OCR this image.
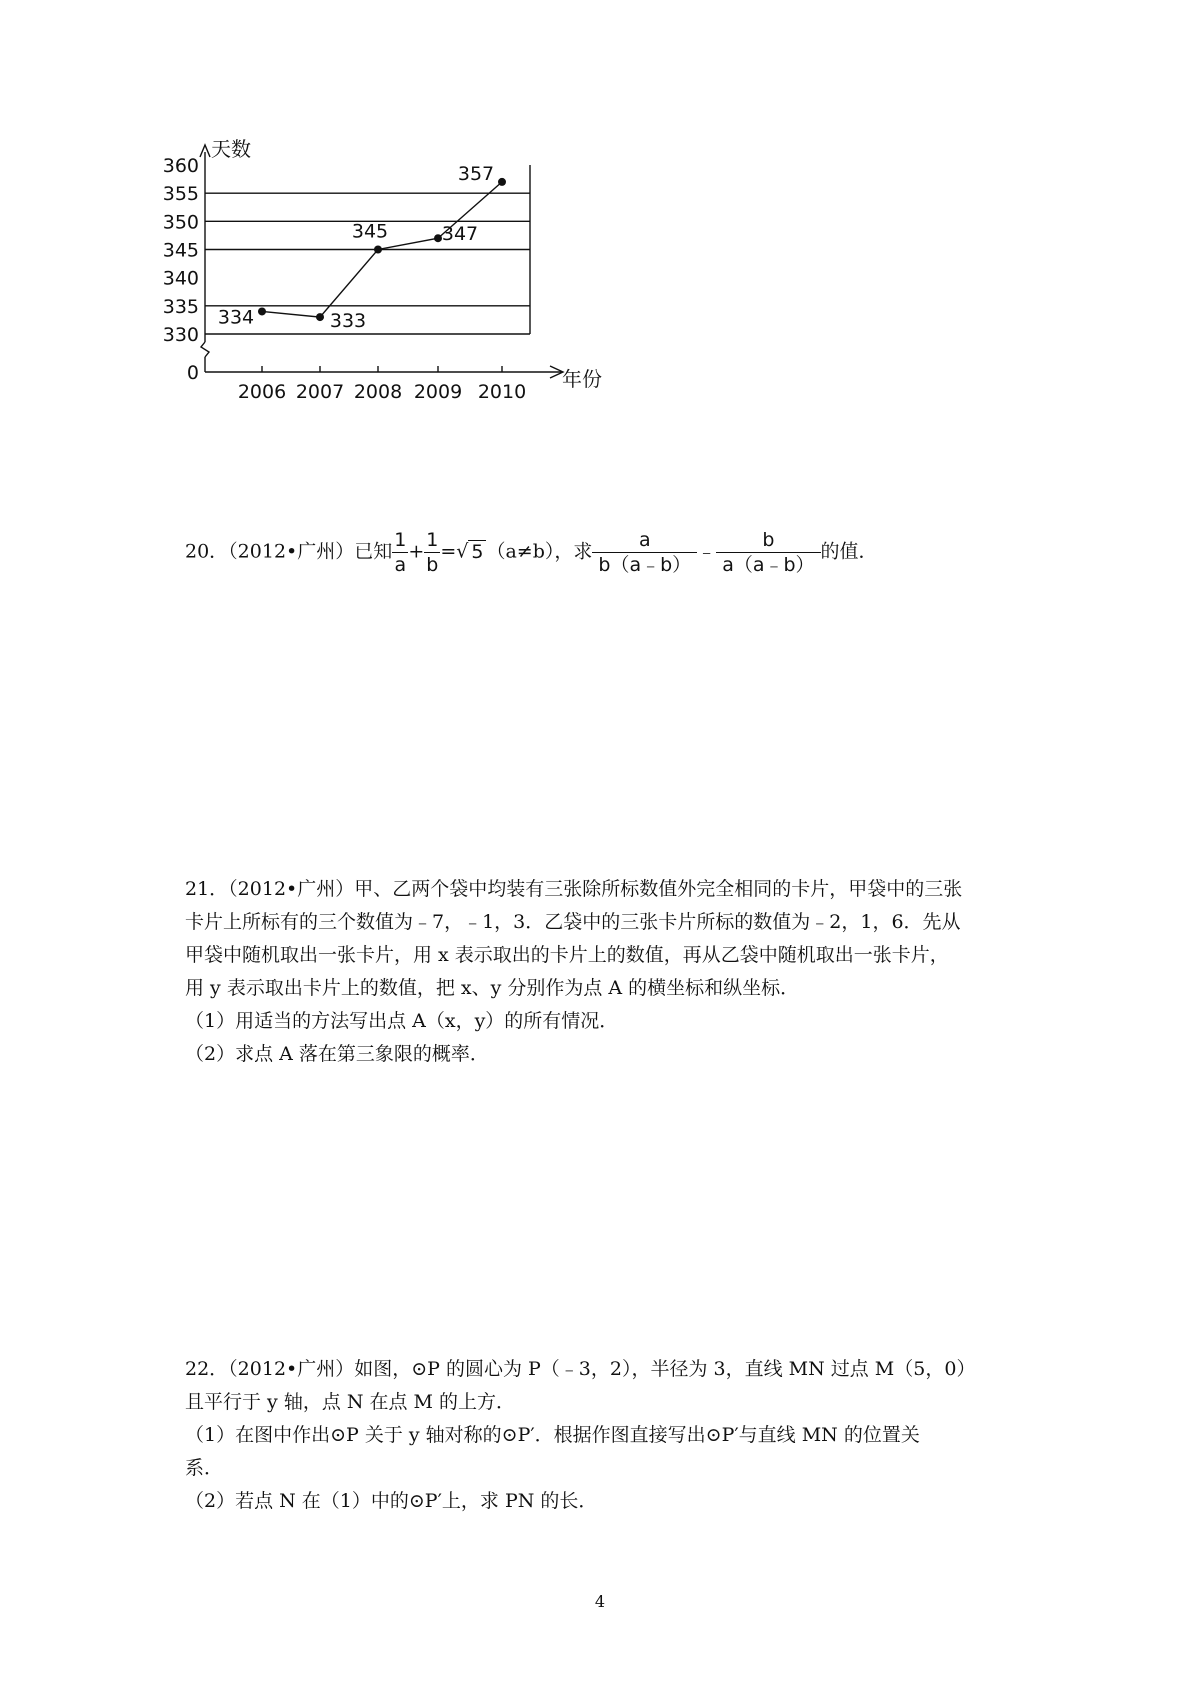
360
355
350
345
340
335
330
0
2006 2007 2008 2009 2010
天数
年份
334	333
345	347
357
20．（2012•广州）已知 $\frac{1}{a} + \frac{1}{b}$ =√ 5 （a≠b），求 $\frac{a}{b(a﹣b)}$ ﹣ $\frac{b}{a(a﹣b)}$ 的值．

21．（2012•广州）甲、乙两个袋中均装有三张除所标数值外完全相同的卡片，甲袋中的三张

卡片上所标有的三个数值为﹣7，﹣1，3．乙袋中的三张卡片所标的数值为﹣2，1，6．先从

甲袋中随机取出一张卡片，用 x 表示取出的卡片上的数值，再从乙袋中随机取出一张卡片，

用 y 表示取出卡片上的数值，把 x、y 分别作为点 A 的横坐标和纵坐标．

（1）用适当的方法写出点 A（x，y）的所有情况．

（2）求点 A 落在第三象限的概率．

22．（2012•广州）如图，⊙P 的圆心为 P（﹣3，2），半径为 3，直线 MN 过点 M（5，0）

且平行于 y 轴，点 N 在点 M 的上方．

（1）在图中作出⊙P 关于 y 轴对称的⊙P′．根据作图直接写出⊙P′与直线 MN 的位置关

系．

（2）若点 N 在（1）中的⊙P′上，求 PN 的长．

4
